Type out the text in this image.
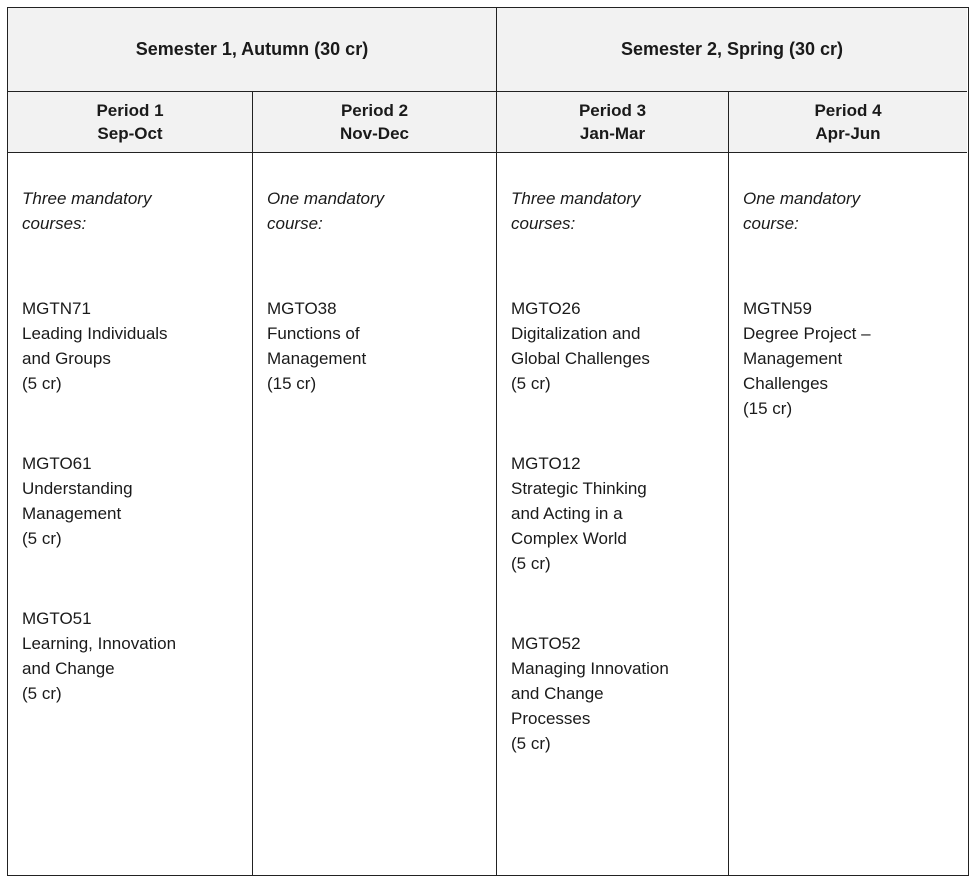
Semester 1, Autumn (30 cr)	Semester 2, Spring (30 cr)
Period 1
Sep-Oct
Period 2
Nov-Dec
Period 3
Jan-Mar
Period 4
Apr-Jun
Three mandatory
courses:
MGTN71
Leading Individuals
and Groups
(5 cr)
MGTO61
Understanding
Management
(5 cr)
MGTO51
Learning, Innovation
and Change
(5 cr)
One mandatory
course:
MGTO38
Functions of
Management
(15 cr)
Three mandatory
courses:
MGTO26
Digitalization and
Global Challenges
(5 cr)
MGTO12
Strategic Thinking
and Acting in a
Complex World
(5 cr)
MGTO52
Managing Innovation
and Change
Processes
(5 cr)
One mandatory
course:
MGTN59
Degree Project –
Management
Challenges
(15 cr)
